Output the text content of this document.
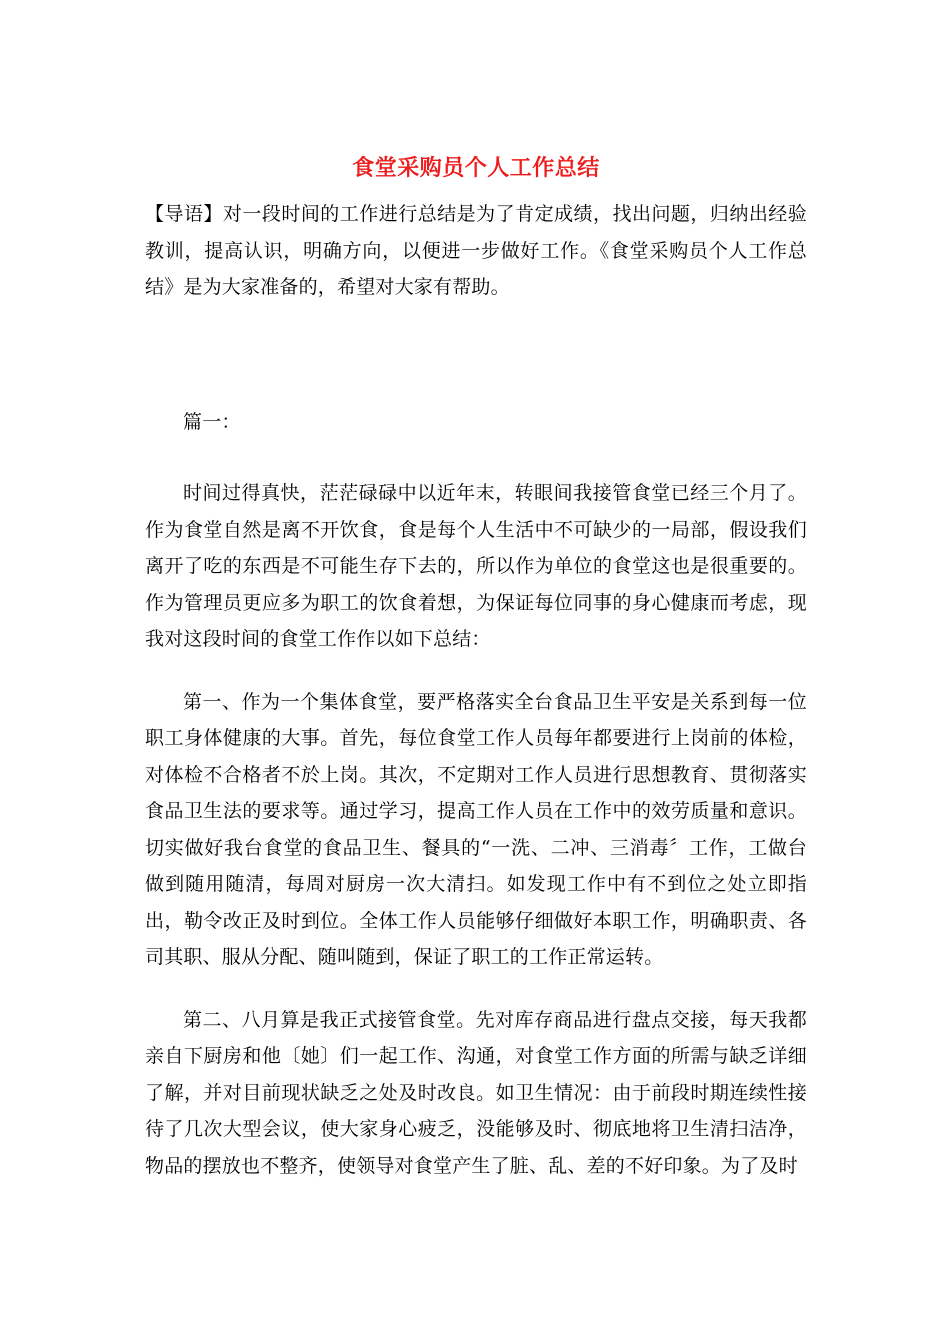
食堂采购员个人工作总结

【导语】对一段时间的工作进行总结是为了肯定成绩，找出问题，归纳出经验教训，提高认识，明确方向，以便进一步做好工作。《食堂采购员个人工作总结》是为大家准备的，希望对大家有帮助。

篇一：

时间过得真快，茫茫碌碌中以近年末，转眼间我接管食堂已经三个月了。作为食堂自然是离不开饮食，食是每个人生活中不可缺少的一局部，假设我们离开了吃的东西是不可能生存下去的，所以作为单位的食堂这也是很重要的。作为管理员更应多为职工的饮食着想，为保证每位同事的身心健康而考虑，现我对这段时间的食堂工作作以如下总结：

第一、作为一个集体食堂，要严格落实全台食品卫生平安是关系到每一位职工身体健康的大事。首先，每位食堂工作人员每年都要进行上岗前的体检，对体检不合格者不於上岗。其次，不定期对工作人员进行思想教育、贯彻落实食品卫生法的要求等。通过学习，提高工作人员在工作中的效劳质量和意识。切实做好我台食堂的食品卫生、餐具的“一洗、二冲、三消毒〞工作，工做台做到随用随清，每周对厨房一次大清扫。如发现工作中有不到位之处立即指出，勒令改正及时到位。全体工作人员能够仔细做好本职工作，明确职责、各司其职、服从分配、随叫随到，保证了职工的工作正常运转。

第二、八月算是我正式接管食堂。先对库存商品进行盘点交接，每天我都亲自下厨房和他〔她〕们一起工作、沟通，对食堂工作方面的所需与缺乏详细了解，并对目前现状缺乏之处及时改良。如卫生情况：由于前段时期连续性接待了几次大型会议，使大家身心疲乏，没能够及时、彻底地将卫生清扫洁净，物品的摆放也不整齐，使领导对食堂产生了脏、乱、差的不好印象。为了及时
